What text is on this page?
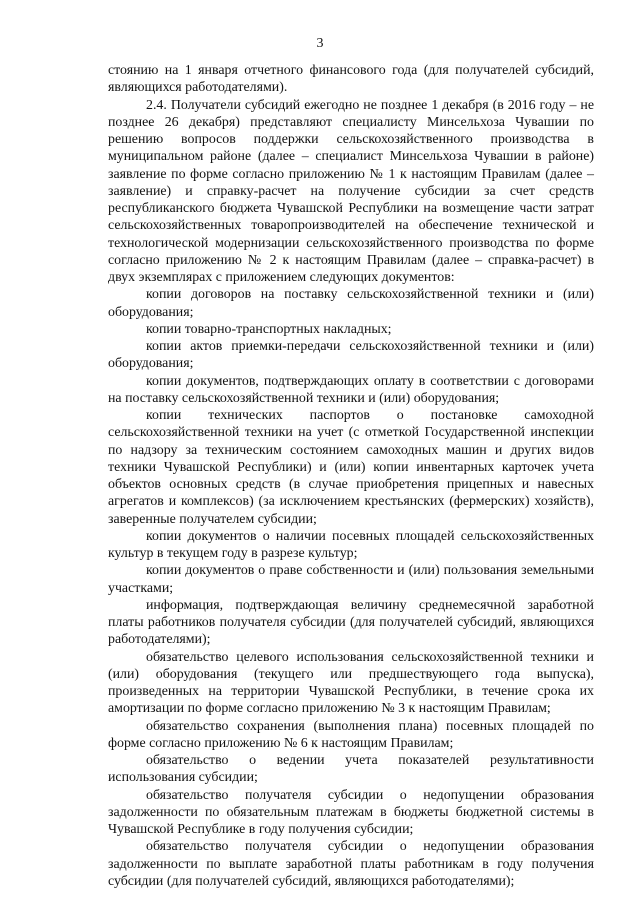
3

стоянию на 1 января отчетного финансового года (для получателей субсидий, являющихся работодателями).

2.4. Получатели субсидий ежегодно не позднее 1 декабря (в 2016 году – не позднее 26 декабря) представляют специалисту Минсельхоза Чувашии по решению вопросов поддержки сельскохозяйственного производства в муниципальном районе (далее – специалист Минсельхоза Чувашии в районе) заявление по форме согласно приложению № 1 к настоящим Правилам (далее – заявление) и справку-расчет на получение субсидии за счет средств республиканского бюджета Чувашской Республики на возмещение части затрат сельскохозяйственных товаропроизводителей на обеспечение технической и технологической модернизации сельскохозяйственного производства по форме согласно приложению № 2 к настоящим Правилам (далее – справка-расчет) в двух экземплярах с приложением следующих документов:

копии договоров на поставку сельскохозяйственной техники и (или) оборудования;

копии товарно-транспортных накладных;

копии актов приемки-передачи сельскохозяйственной техники и (или) оборудования;

копии документов, подтверждающих оплату в соответствии с договорами на поставку сельскохозяйственной техники и (или) оборудования;

копии технических паспортов о постановке самоходной сельскохозяйственной техники на учет (с отметкой Государственной инспекции по надзору за техническим состоянием самоходных машин и других видов техники Чувашской Республики) и (или) копии инвентарных карточек учета объектов основных средств (в случае приобретения прицепных и навесных агрегатов и комплексов) (за исключением крестьянских (фермерских) хозяйств), заверенные получателем субсидии;

копии документов о наличии посевных площадей сельскохозяйственных культур в текущем году в разрезе культур;

копии документов о праве собственности и (или) пользования земельными участками;

информация, подтверждающая величину среднемесячной заработной платы работников получателя субсидии (для получателей субсидий, являющихся работодателями);

обязательство целевого использования сельскохозяйственной техники и (или) оборудования (текущего или предшествующего года выпуска), произведенных на территории Чувашской Республики, в течение срока их амортизации по форме согласно приложению № 3 к настоящим Правилам;

обязательство сохранения (выполнения плана) посевных площадей по форме согласно приложению № 6 к настоящим Правилам;

обязательство о ведении учета показателей результативности использования субсидии;

обязательство получателя субсидии о недопущении образования задолженности по обязательным платежам в бюджеты бюджетной системы в Чувашской Республике в году получения субсидии;

обязательство получателя субсидии о недопущении образования задолженности по выплате заработной платы работникам в году получения субсидии (для получателей субсидий, являющихся работодателями);
